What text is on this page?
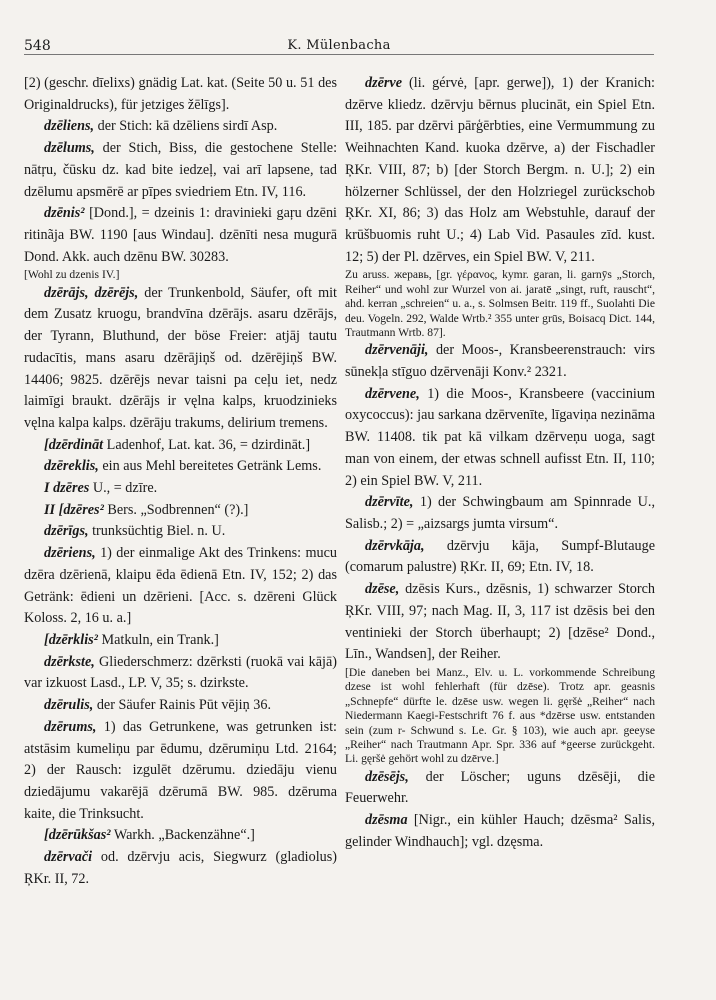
548	K. Mülenbacha

[2) (geschr. dīelixs) gnädig Lat. kat. (Seite 50 u. 51 des Originaldrucks), für jetziges žēlīgs].

dzēliens, der Stich: kā dzēliens sirdī Asp.

dzēlums, der Stich, Biss, die gestochene Stelle: nātŗu, čūsku dz. kad bite iedzeļ, vai arī lapsene, tad dzēlumu apsmērē ar pīpes sviedriem Etn. IV, 116.

dzēnis² [Dond.], = dzeinis 1: dravinieki gaŗu dzēni ritinãja BW. 1190 [aus Windau]. dzēnīti nesa mugurā Dond. Akk. auch dzēnu BW. 30283.

[Wohl zu dzenis IV.]

dzērājs, dzērējs, der Trunkenbold, Säufer, oft mit dem Zusatz kruogu, brandvīna dzērājs. asaru dzērājs, der Tyrann, Bluthund, der böse Freier: atjāj tautu rudacītis, mans asaru dzērājiņš od. dzērējiņš BW. 14406; 9825. dzērējs nevar taisni pa ceļu iet, nedz laimīgi braukt. dzērājs ir vęlna kalps, kruodzinieks vęlna kalpa kalps. dzērāju trakums, delirium tremens.

[dzērdināt Ladenhof, Lat. kat. 36, = dzirdināt.]

dzēreklis, ein aus Mehl bereitetes Getränk Lems.

I dzēres U., = dzīre.

II [dzēres² Bers. „Sodbrennen“ (?).]

dzērīgs, trunksüchtig Biel. n. U.

dzēriens, 1) der einmalige Akt des Trinkens: mucu dzēra dzērienā, klaipu ēda ēdienā Etn. IV, 152; 2) das Getränk: ēdieni un dzērieni. [Acc. s. dzēreni Glück Koloss. 2, 16 u. a.]

[dzērklis² Matkuln, ein Trank.]

dzērkste, Gliederschmerz: dzērksti (ruokā vai kājā) var izkuost Lasd., LP. V, 35; s. dzirkste.

dzērulis, der Säufer Rainis Pūt vējiņ 36.

dzērums, 1) das Getrunkene, was getrunken ist: atstāsim kumeliņu par ēdumu, dzērumiņu Ltd. 2164; 2) der Rausch: izgulēt dzērumu. dziedāju vienu dziedājumu vakarējā dzērumā BW. 985. dzēruma kaite, die Trinksucht.

[dzērūkšas² Warkh. „Backenzähne“.]

dzērvači od. dzērvju acis, Siegwurz (gladiolus) ŖKr. II, 72.

dzērve (li. gérvė, [apr. gerwe]), 1) der Kranich: dzērve kliedz. dzērvju bērnus plucināt, ein Spiel Etn. III, 185. par dzērvi pārģērbties, eine Vermummung zu Weihnachten Kand. kuoka dzērve, a) der Fischadler ŖKr. VIII, 87; b) [der Storch Bergm. n. U.]; 2) ein hölzerner Schlüssel, der den Holzriegel zurückschob ŖKr. XI, 86; 3) das Holz am Webstuhle, darauf der krūšbuomis ruht U.; 4) Lab Vid. Pasaules zīd. kust. 12; 5) der Pl. dzērves, ein Spiel BW. V, 211.

Zu aruss. жеравь, [gr. γέρανος, kymr. garan, li. garnȳs „Storch, Reiher“ und wohl zur Wurzel von ai. jaratē „singt, ruft, rauscht“, ahd. kerran „schreien“ u. a., s. Solmsen Beitr. 119 ff., Suolahti Die deu. Vogeln. 292, Walde Wrtb.² 355 unter grūs, Boisacq Dict. 144, Trautmann Wrtb. 87].

dzērvenāji, der Moos-, Kransbeerenstrauch: virs sūnekļa stīguo dzērvenāji Konv.² 2321.

dzērvene, 1) die Moos-, Kransbeere (vaccinium oxycoccus): jau sarkana dzērvenīte, līgaviņa nezināma BW. 11408. tik pat kā vilkam dzērveņu uoga, sagt man von einem, der etwas schnell aufisst Etn. II, 110; 2) ein Spiel BW. V, 211.

dzērvīte, 1) der Schwingbaum am Spinnrade U., Salisb.; 2) = „aizsargs jumta virsum“.

dzērvkāja, dzērvju kāja, Sumpf-Blutauge (comarum palustre) ŖKr. II, 69; Etn. IV, 18.

dzēse, dzēsis Kurs., dzēsnis, 1) schwarzer Storch ŖKr. VIII, 97; nach Mag. II, 3, 117 ist dzēsis bei den ventinieki der Storch überhaupt; 2) [dzēse² Dond., Līn., Wandsen], der Reiher.

[Die daneben bei Manz., Elv. u. L. vorkommende Schreibung dzese ist wohl fehlerhaft (für dzēse). Trotz apr. geasnis „Schnepfe“ dürfte le. dzēse usw. wegen li. gęršė „Reiher“ nach Niedermann Kaegi-Festschrift 76 f. aus *dzērse usw. entstanden sein (zum r- Schwund s. Le. Gr. § 103), wie auch apr. geeyse „Reiher“ nach Trautmann Apr. Spr. 336 auf *geerse zurückgeht. Li. gęršė gehört wohl zu dzērve.]

dzēsējs, der Löscher; uguns dzēsēji, die Feuerwehr.

dzēsma [Nigr., ein kühler Hauch; dzēsma² Salis, gelinder Windhauch]; vgl. dzęsma.
